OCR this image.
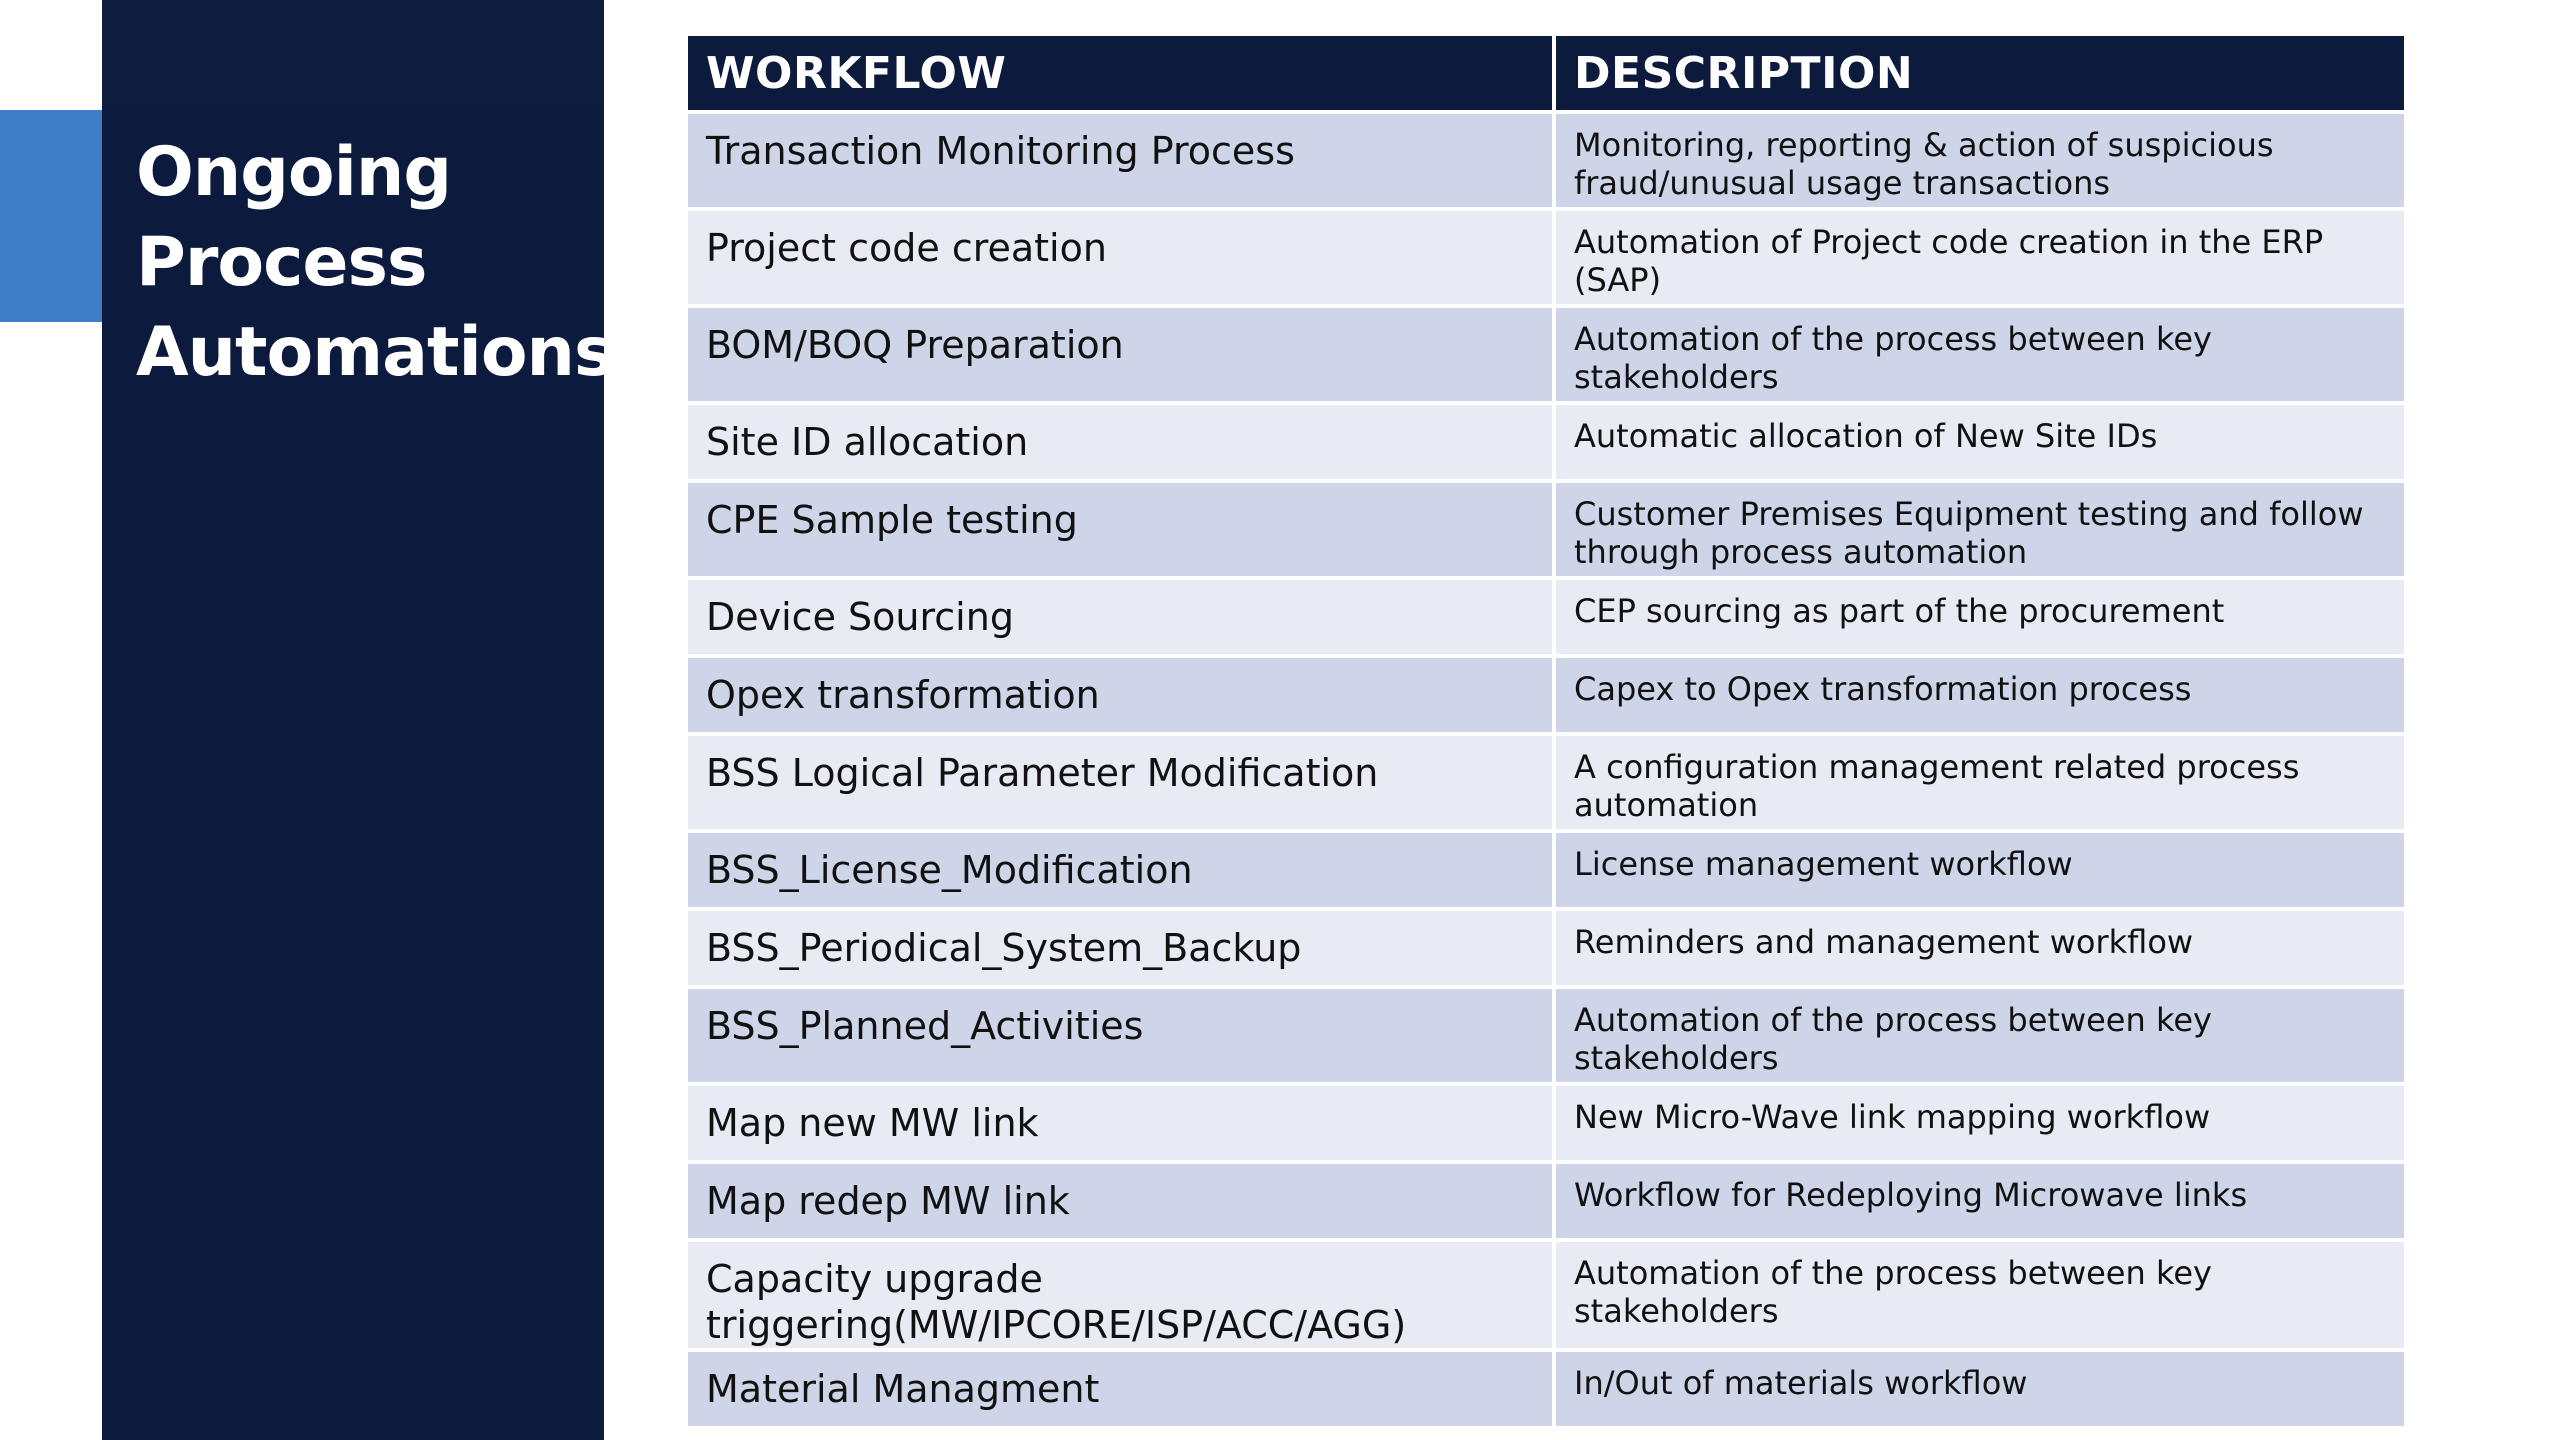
Ongoing
Process
Automations
WORKFLOW	DESCRIPTION
Transaction Monitoring Process	Monitoring, reporting & action of suspicious fraud/unusual usage transactions
Project code creation	Automation of Project code creation in the ERP (SAP)
BOM/BOQ Preparation	Automation of the process between key stakeholders
Site ID allocation	Automatic allocation of New Site IDs
CPE Sample testing	Customer Premises Equipment testing and follow through process automation
Device Sourcing	CEP sourcing as part of the procurement
Opex transformation	Capex to Opex transformation process
BSS Logical Parameter Modification	A configuration management related process automation
BSS_License_Modification	License management workflow
BSS_Periodical_System_Backup	Reminders and management workflow
BSS_Planned_Activities	Automation of the process between key stakeholders
Map new MW link	New Micro-Wave link mapping workflow
Map redep MW link	Workflow for Redeploying Microwave links
Capacity upgrade triggering(MW/IPCORE/ISP/ACC/AGG)	Automation of the process between key stakeholders
Material Managment	In/Out of materials workflow
